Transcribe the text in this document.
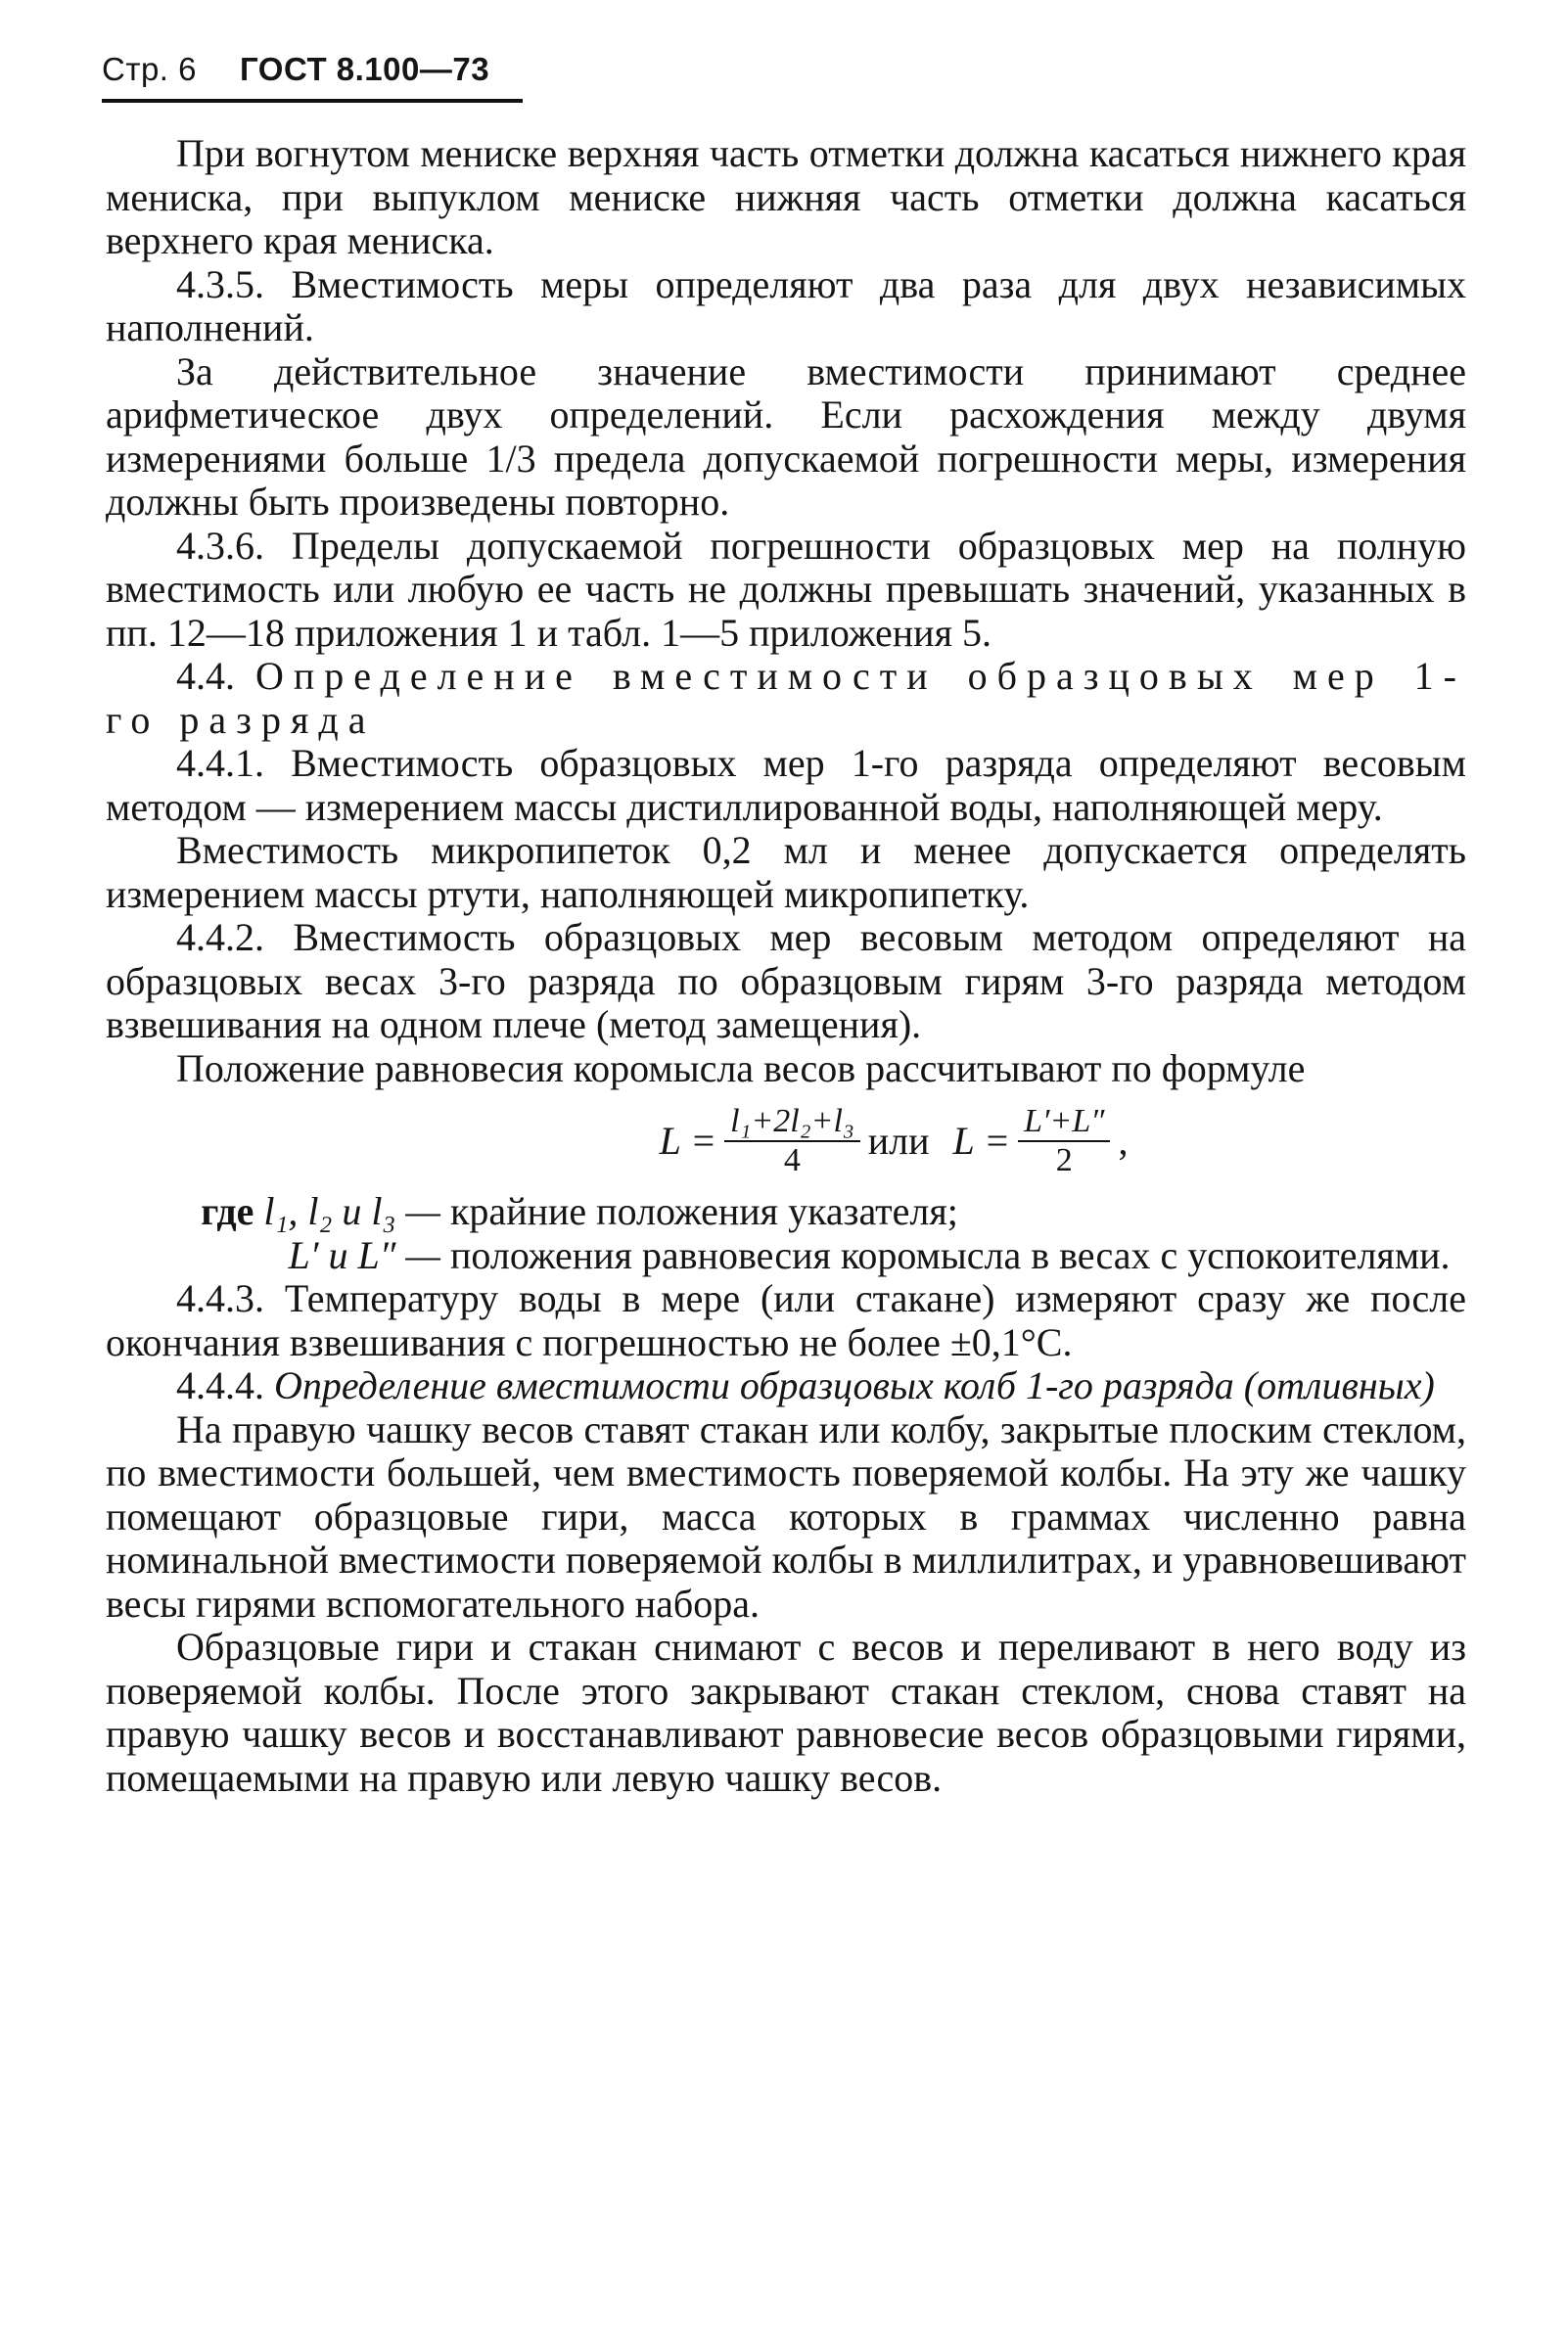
Стр. 6 ГОСТ 8.100—73

При вогнутом мениске верхняя часть отметки должна касаться нижнего края мениска, при выпуклом мениске нижняя часть отметки должна касаться верхнего края мениска.

4.3.5. Вместимость меры определяют два раза для двух независимых наполнений.

За действительное значение вместимости принимают среднее арифметическое двух определений. Если расхождения между двумя измерениями больше 1/3 предела допускаемой погрешности меры, измерения должны быть произведены повторно.

4.3.6. Пределы допускаемой погрешности образцовых мер на полную вместимость или любую ее часть не должны превышать значений, указанных в пп. 12—18 приложения 1 и табл. 1—5 приложения 5.

4.4. Определение вместимости образцовых мер 1-го разряда

4.4.1. Вместимость образцовых мер 1-го разряда определяют весовым методом — измерением массы дистиллированной воды, наполняющей меру.

Вместимость микропипеток 0,2 мл и менее допускается определять измерением массы ртути, наполняющей микропипетку.

4.4.2. Вместимость образцовых мер весовым методом определяют на образцовых весах 3-го разряда по образцовым гирям 3-го разряда методом взвешивания на одном плече (метод замещения).

Положение равновесия коромысла весов рассчитывают по формуле

$L = \frac{\text{l₁+2l₂+l₃}}{4}$ или $L = \frac{L'+L''}{2}$ ,
где l₁, l₂ и l₃ — крайние положения указателя;
L′ и L″ — положения равновесия коромысла в весах с успокоителями.

4.4.3. Температуру воды в мере (или стакане) измеряют сразу же после окончания взвешивания с погрешностью не более ±0,1°С.

4.4.4. Определение вместимости образцовых колб 1-го разряда (отливных)

На правую чашку весов ставят стакан или колбу, закрытые плоским стеклом, по вместимости большей, чем вместимость поверяемой колбы. На эту же чашку помещают образцовые гири, масса которых в граммах численно равна номинальной вместимости поверяемой колбы в миллилитрах, и уравновешивают весы гирями вспомогательного набора.

Образцовые гири и стакан снимают с весов и переливают в него воду из поверяемой колбы. После этого закрывают стакан стеклом, снова ставят на правую чашку весов и восстанавливают равновесие весов образцовыми гирями, помещаемыми на правую или левую чашку весов.
